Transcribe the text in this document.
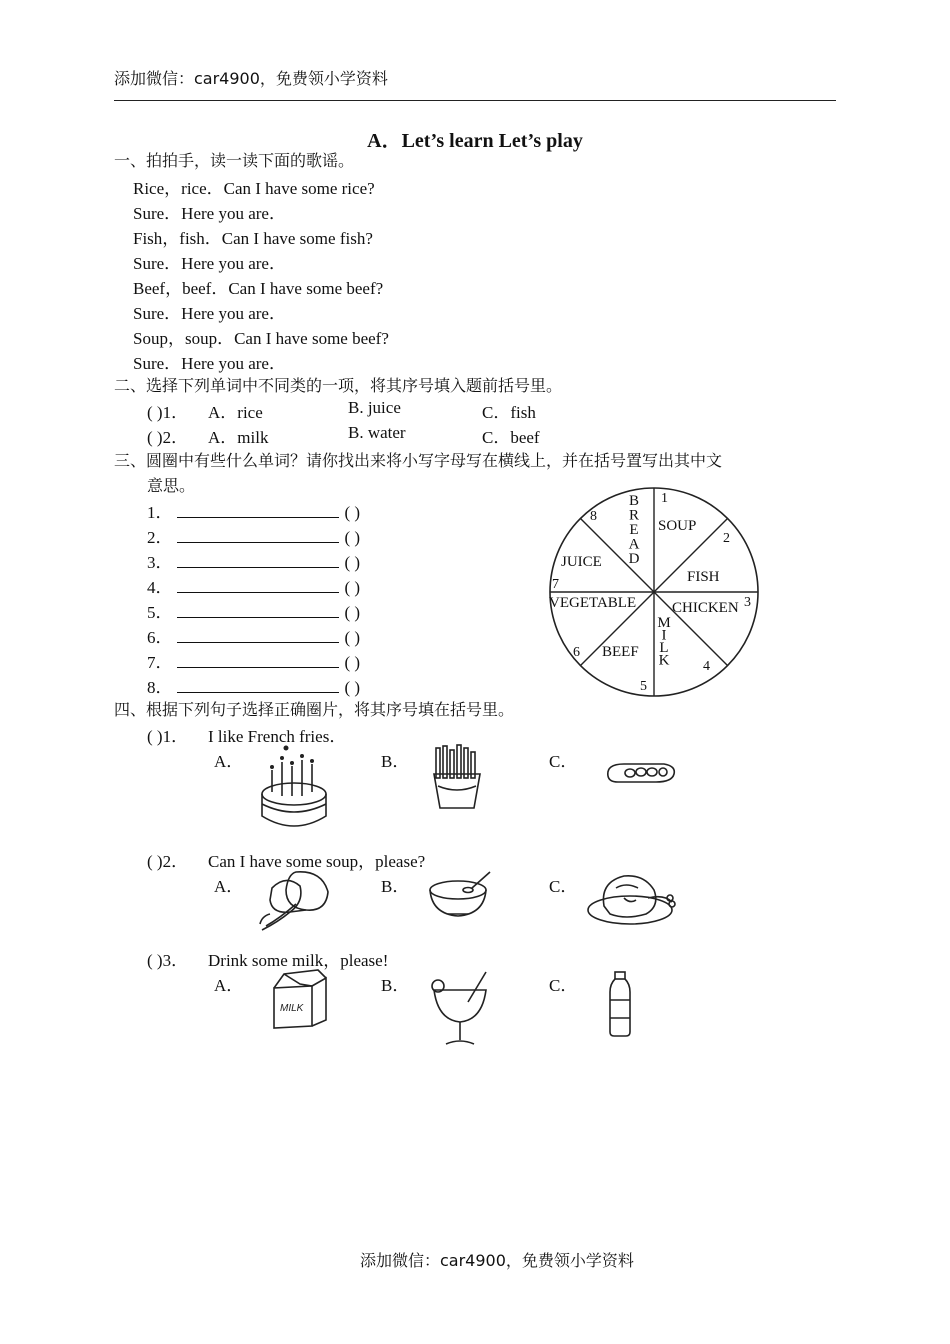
添加微信：car4900，免费领小学资料
A．Let’s learn Let’s play
一、拍拍手，读一读下面的歌谣。
Rice，rice．Can I have some rice?
Sure．Here you are．
Fish，fish．Can I have some fish?
Sure．Here you are．
Beef，beef．Can I have some beef?
Sure．Here you are．
Soup，soup．Can I have some beef?
Sure．Here you are．
二、选择下列单词中不同类的一项，将其序号填入题前括号里。
( )1． A．rice	B. juice	C．fish
( )2． A．milk	B. water	C．beef
三、圆圈中有些什么单词？请你找出来将小写字母写在横线上，并在括号置写出其中文
意思。
1．	( )
2．	( )
3．	( )
4．	( )
5．	( )
6．	( )
7．	( )
8．	( )
SOUP
FISH
CHICKEN
BEEF
VEGETABLE
JUICE
B
R
E
A
D
M
I
L
K
1
2
3
4
5
6
7
8
四、根据下列句子选择正确圈片，将其序号填在括号里。
( )1． I like French fries．
A．	B．	C．
( )2． Can I have some soup，please?
A．	B．	C．
( )3． Drink some milk，please!
A．	B．	C．
MILK
添加微信：car4900，免费领小学资料
